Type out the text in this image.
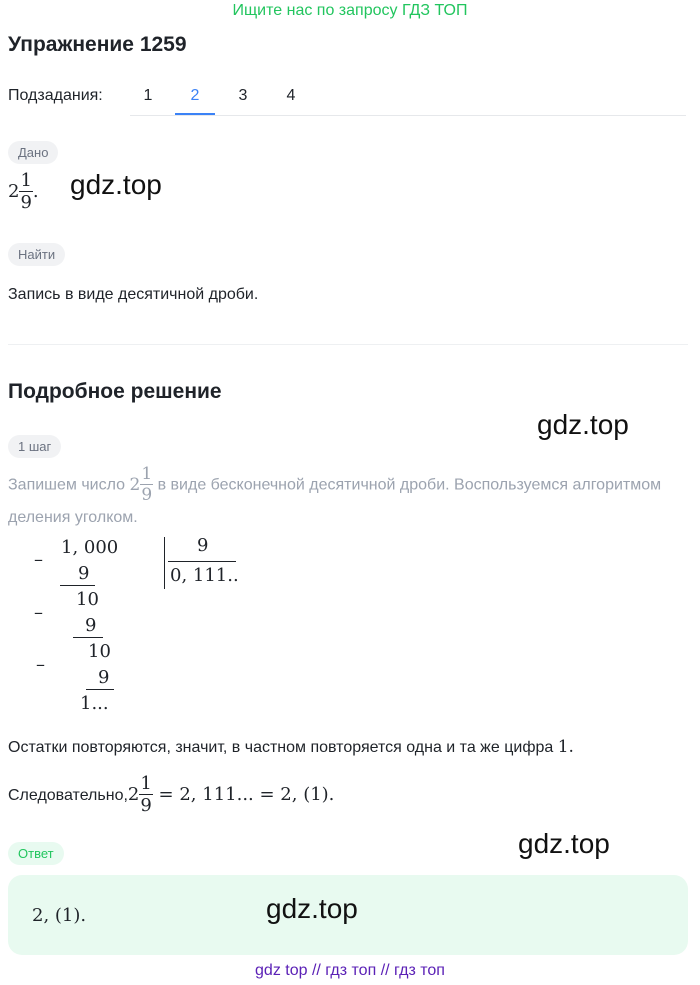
Ищите нас по запросу ГДЗ ТОП
Упражнение 1259
Подзадания:	1	2	3	4
Дано
$2 \frac{1}{9}$ . gdz.top
Найти
Запись в виде десятичной дроби.
Подробное решение
gdz.top
1 шаг
Запишем число $2 \frac{1}{9}$ в виде бесконечной десятичной дроби. Воспользуемся алгоритмом
деления уголком.
–
1, 000
9
–
10
9
–
10
9
1...
9
0, 111..
Остатки повторяются, значит, в частном повторяется одна и та же цифра 1.
Следовательно,2 $\frac{1}{9} = 2$, 111... = 2, (1).
Ответ	gdz.top
2, (1).	gdz.top
gdz top // гдз топ // гдз топ
